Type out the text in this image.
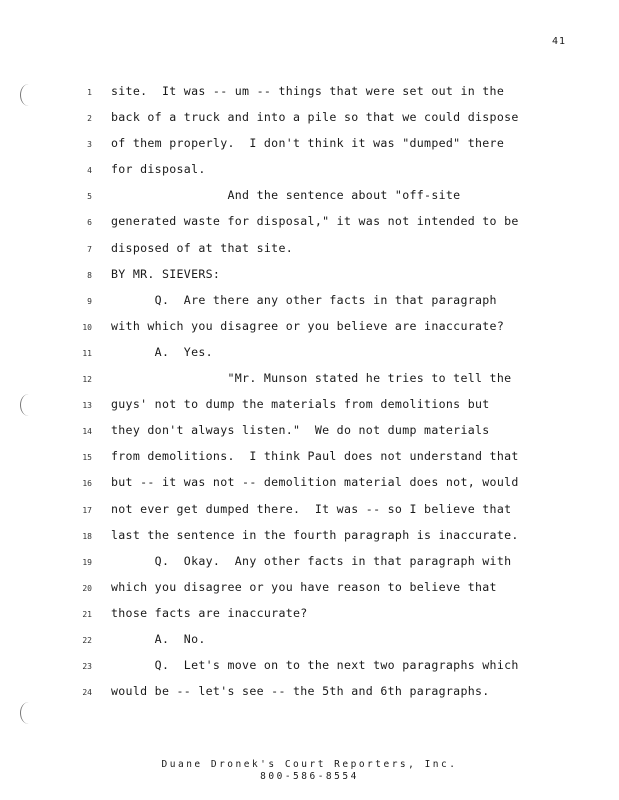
41
1 site.  It was -- um -- things that were set out in the
2 back of a truck and into a pile so that we could dispose
3 of them properly.  I don't think it was "dumped" there
4 for disposal.
5 And the sentence about "off-site
6 generated waste for disposal," it was not intended to be
7 disposed of at that site.
8 BY MR. SIEVERS:
9 Q.  Are there any other facts in that paragraph
10 with which you disagree or you believe are inaccurate?
11 A.  Yes.
12 "Mr. Munson stated he tries to tell the
13 guys' not to dump the materials from demolitions but
14 they don't always listen."  We do not dump materials
15 from demolitions.  I think Paul does not understand that
16 but -- it was not -- demolition material does not, would
17 not ever get dumped there.  It was -- so I believe that
18 last the sentence in the fourth paragraph is inaccurate.
19 Q.  Okay.  Any other facts in that paragraph with
20 which you disagree or you have reason to believe that
21 those facts are inaccurate?
22 A.  No.
23 Q.  Let's move on to the next two paragraphs which
24 would be -- let's see -- the 5th and 6th paragraphs.
Duane Dronek's Court Reporters, Inc.
800-586-8554
